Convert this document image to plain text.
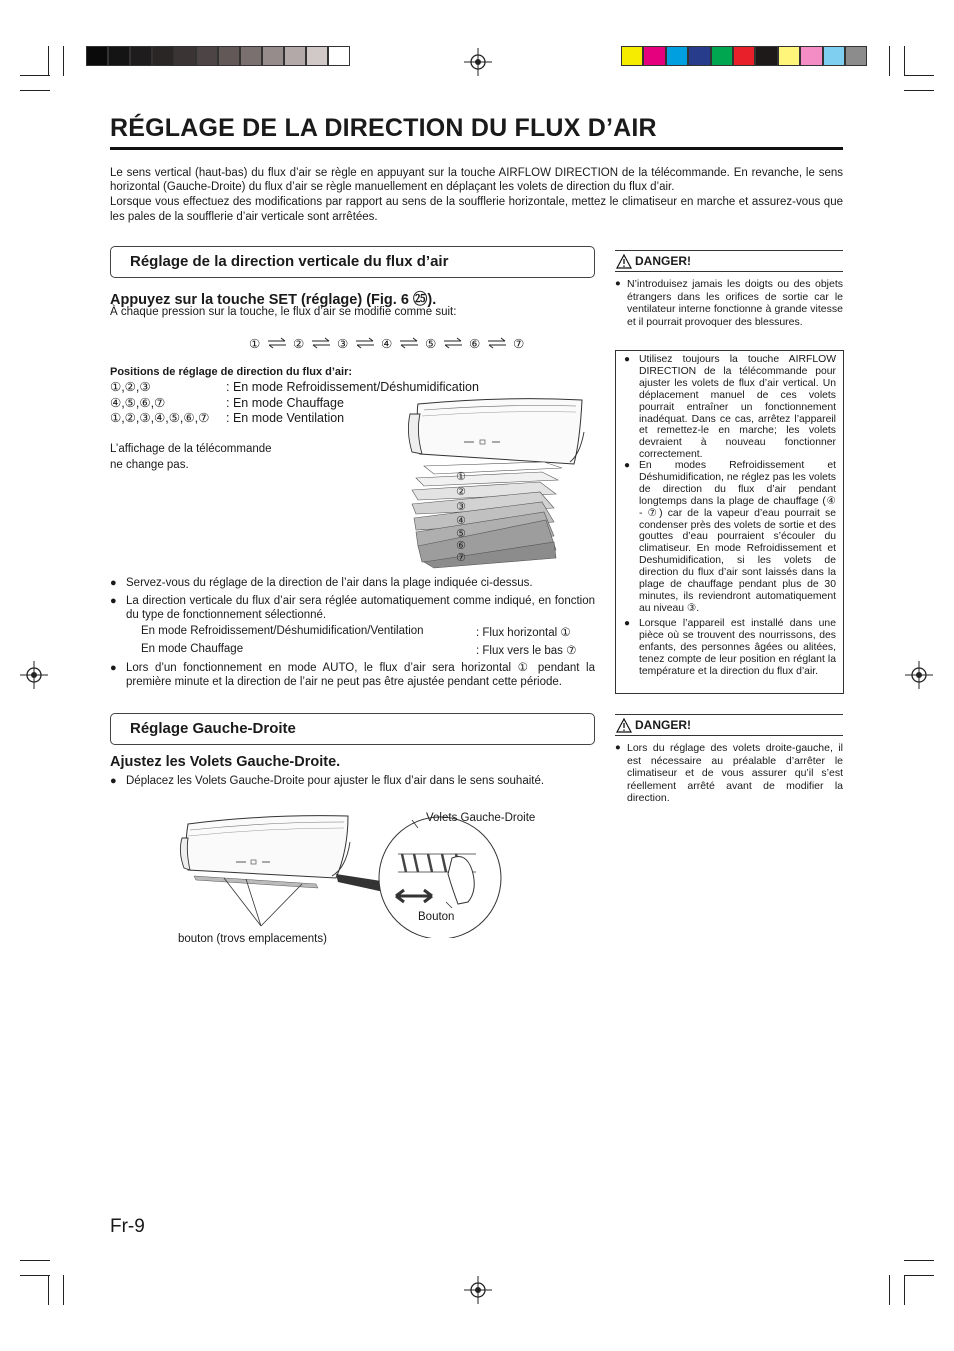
RÉGLAGE DE LA DIRECTION DU FLUX D’AIR

Le sens vertical (haut-bas) du flux d’air se règle en appuyant sur la touche AIRFLOW DIRECTION de la télécommande. En revanche, le sens horizontal (Gauche-Droite) du flux d’air se règle manuellement en déplaçant les volets de direction du flux d’air.

Lorsque vous effectuez des modifications par rapport au sens de la soufflerie horizontale, mettez le climatiseur en marche et assurez-vous que les pales de la soufflerie d’air verticale sont arrêtées.

Réglage de la direction verticale du flux d’air

Appuyez sur la touche SET (réglage) (Fig. 6 ㉕).

À chaque pression sur la touche, le flux d’air se modifie comme suit:

①	②	③	④	⑤	⑥	⑦

Positions de réglage de direction du flux d’air:

①,②,③	: En mode Refroidissement/Déshumidification
④,⑤,⑥,⑦	: En mode Chauffage
①,②,③,④,⑤,⑥,⑦ : En mode Ventilation

L’affichage de la télécommande
ne change pas.

①
②
③
④
⑤
⑥
⑦
● Servez-vous du réglage de la direction de l’air dans la plage indiquée ci-dessus.
● La direction verticale du flux d’air sera réglée automatiquement comme indiqué, en fonction du type de fonctionnement sélectionné.
En mode Refroidissement/Déshumidification/Ventilation	: Flux horizontal ①
En mode Chauffage	: Flux vers le bas ⑦
● Lors d’un fonctionnement en mode AUTO, le flux d’air sera horizontal ① pendant la première minute et la direction de l’air ne peut pas être ajustée pendant cette période.
Réglage Gauche-Droite

Ajustez les Volets Gauche-Droite.

● Déplacez les Volets Gauche-Droite pour ajuster le flux d’air dans le sens souhaité.
Volets Gauche-Droite
Bouton
bouton (trovs emplacements)
DANGER!
● N’introduisez jamais les doigts ou des objets étrangers dans les orifices de sortie car le ventilateur interne fonctionne à grande vitesse et il pourrait provoquer des blessures.
● Utilisez toujours la touche AIRFLOW DIRECTION de la télécommande pour ajuster les volets de flux d’air vertical. Un déplacement manuel de ces volets pourrait entraîner un fonctionnement inadéquat. Dans ce cas, arrêtez l’appareil et remettez-le en marche; les volets devraient à nouveau fonctionner correctement.
● En modes Refroidissement et Déshumidification, ne réglez pas les volets de direction du flux d’air pendant longtemps dans la plage de chauffage (④ - ⑦) car de la vapeur d’eau pourrait se condenser près des volets de sortie et des gouttes d’eau pourraient s’écouler du climatiseur. En mode Refroidissement et Deshumidification, si les volets de direction du flux d’air sont laissés dans la plage de chauffage pendant plus de 30 minutes, ils reviendront automatiquement au niveau ③.
● Lorsque l’appareil est installé dans une pièce où se trouvent des nourrissons, des enfants, des personnes âgées ou alitées, tenez compte de leur position en réglant la température et la direction du flux d’air.
DANGER!
● Lors du réglage des volets droite-gauche, il est nécessaire au préalable d’arrêter le climatiseur et de vous assurer qu’il s’est réellement arrêté avant de modifier la direction.
Fr-9
